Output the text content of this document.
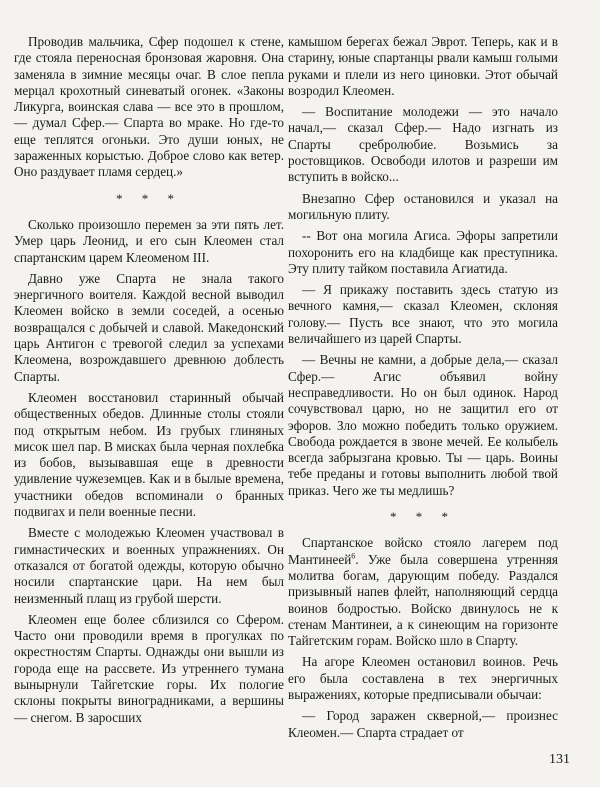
Проводив мальчика, Сфер подошел к стене, где стояла переносная бронзовая жаровня. Она заменяла в зимние месяцы очаг. В слое пепла мерцал крохотный синеватый огонек. «Законы Ликурга, воинская слава — все это в прошлом,— думал Сфер.— Спарта во мраке. Но где-то еще теплятся огоньки. Это души юных, не зараженных корыстью. Доброе слово как ветер. Оно раздувает пламя сердец.»

* * *

Сколько произошло перемен за эти пять лет. Умер царь Леонид, и его сын Клеомен стал спартанским царем Клеоменом III.

Давно уже Спарта не знала такого энергичного воителя. Каждой весной выводил Клеомен войско в земли соседей, а осенью возвращался с добычей и славой. Македонский царь Антигон с тревогой следил за успехами Клеомена, возрождавшего древнюю доблесть Спарты.

Клеомен восстановил старинный обычай общественных обедов. Длинные столы стояли под открытым небом. Из грубых глиняных мисок шел пар. В мисках была черная похлебка из бобов, вызывавшая еще в древности удивление чужеземцев. Как и в былые времена, участники обедов вспоминали о бранных подвигах и пели военные песни.

Вместе с молодежью Клеомен участвовал в гимнастических и военных упражнениях. Он отказался от богатой одежды, которую обычно носили спартанские цари. На нем был неизменный плащ из грубой шерсти.

Клеомен еще более сблизился со Сфером. Часто они проводили время в прогулках по окрестностям Спарты. Однажды они вышли из города еще на рассвете. Из утреннего тумана вынырнули Тайгетские горы. Их пологие склоны покрыты виноградниками, а вершины — снегом. В заросших

камышом берегах бежал Эврот. Теперь, как и в старину, юные спартанцы рвали камыш голыми руками и плели из него циновки. Этот обычай возродил Клеомен.

— Воспитание молодежи — это начало начал,— сказал Сфер.— Надо изгнать из Спарты сребролюбие. Возьмись за ростовщиков. Освободи илотов и разреши им вступить в войско...

Внезапно Сфер остановился и указал на могильную плиту.

-- Вот она могила Агиса. Эфоры запретили похоронить его на кладбище как преступника. Эту плиту тайком поставила Агиатида.

— Я прикажу поставить здесь статую из вечного камня,— сказал Клеомен, склоняя голову.— Пусть все знают, что это могила величайшего из царей Спарты.

— Вечны не камни, а добрые дела,— сказал Сфер.— Агис объявил войну несправедливости. Но он был одинок. Народ сочувствовал царю, но не защитил его от эфоров. Зло можно победить только оружием. Свобода рождается в звоне мечей. Ее колыбель всегда забрызгана кровью. Ты — царь. Воины тебе преданы и готовы выполнить любой твой приказ. Чего же ты медлишь?

* * *

Спартанское войско стояло лагерем под Мантинеей$^6$. Уже была совершена утренняя молитва богам, дарующим победу. Раздался призывный напев флейт, наполняющий сердца воинов бодростью. Войско двинулось не к стенам Мантинеи, а к синеющим на горизонте Тайгетским горам. Войско шло в Спарту.

На агоре Клеомен остановил воинов. Речь его была составлена в тех энергичных выражениях, которые предписывали обычаи:

— Город заражен скверной,— произнес Клеомен.— Спарта страдает от

131
